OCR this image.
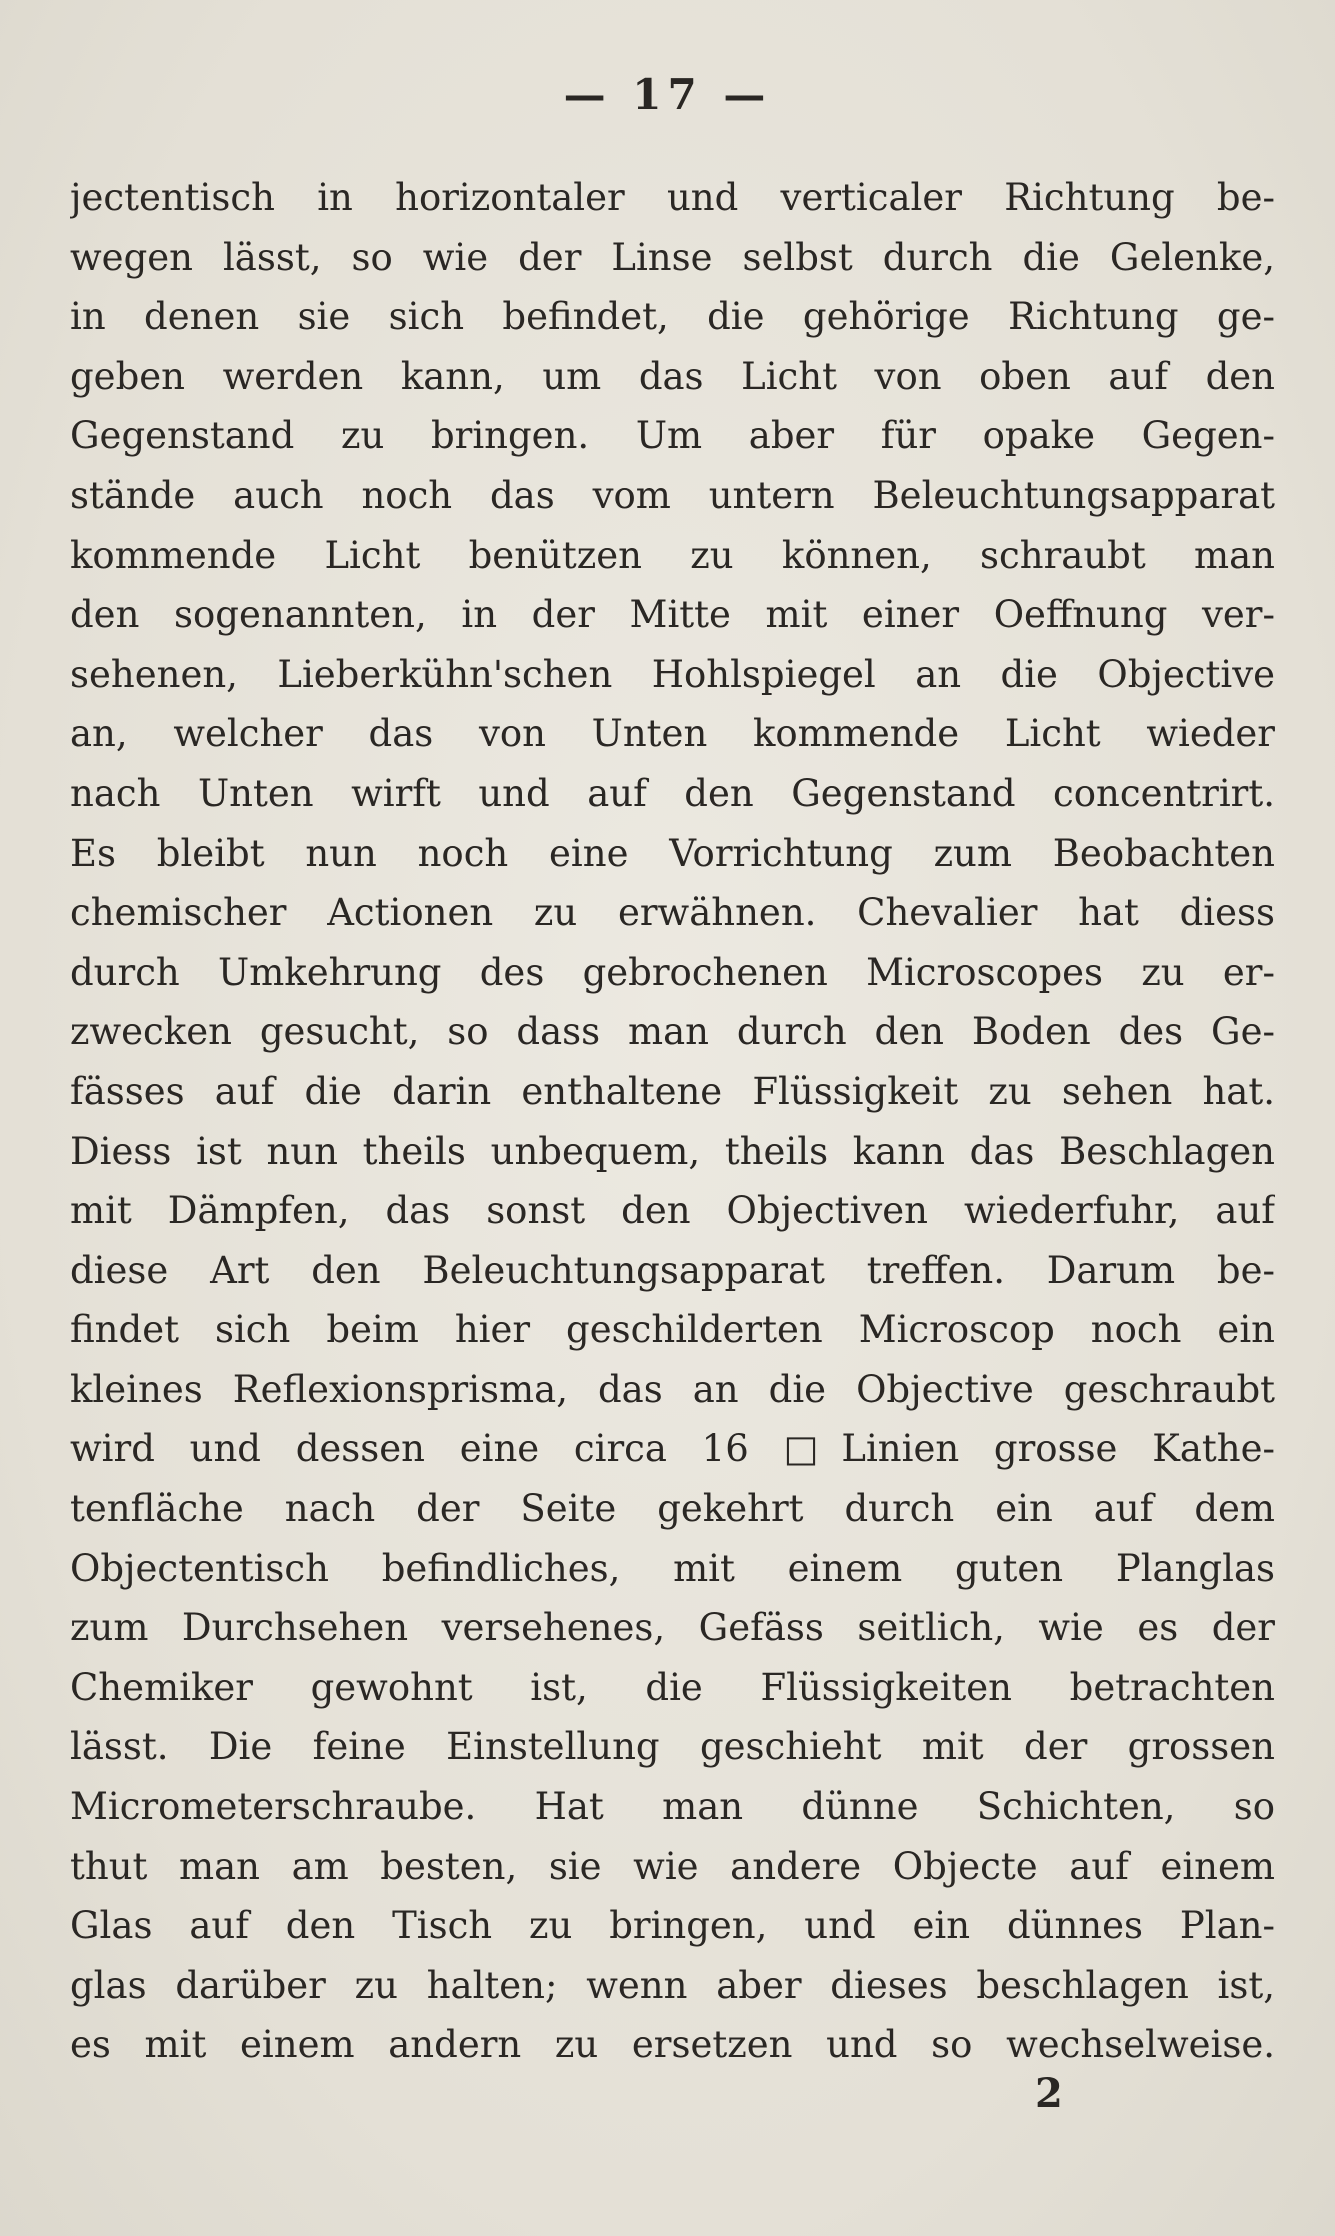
— 17 —
jectentisch in horizontaler und verticaler Richtung be-
wegen lässt, so wie der Linse selbst durch die Gelenke,
in denen sie sich befindet, die gehörige Richtung ge-
geben werden kann, um das Licht von oben auf den
Gegenstand zu bringen. Um aber für opake Gegen-
stände auch noch das vom untern Beleuchtungsapparat
kommende Licht benützen zu können, schraubt man
den sogenannten, in der Mitte mit einer Oeffnung ver-
sehenen, Lieberkühn'schen Hohlspiegel an die Objective
an, welcher das von Unten kommende Licht wieder
nach Unten wirft und auf den Gegenstand concentrirt.
Es bleibt nun noch eine Vorrichtung zum Beobachten
chemischer Actionen zu erwähnen. Chevalier hat diess
durch Umkehrung des gebrochenen Microscopes zu er-
zwecken gesucht, so dass man durch den Boden des Ge-
fässes auf die darin enthaltene Flüssigkeit zu sehen hat.
Diess ist nun theils unbequem, theils kann das Beschlagen
mit Dämpfen, das sonst den Objectiven wiederfuhr, auf
diese Art den Beleuchtungsapparat treffen. Darum be-
findet sich beim hier geschilderten Microscop noch ein
kleines Reflexionsprisma, das an die Objective geschraubt
wird und dessen eine circa 16 □Linien grosse Kathe-
tenfläche nach der Seite gekehrt durch ein auf dem
Objectentisch befindliches, mit einem guten Planglas
zum Durchsehen versehenes, Gefäss seitlich, wie es der
Chemiker gewohnt ist, die Flüssigkeiten betrachten
lässt. Die feine Einstellung geschieht mit der grossen
Micrometerschraube. Hat man dünne Schichten, so
thut man am besten, sie wie andere Objecte auf einem
Glas auf den Tisch zu bringen, und ein dünnes Plan-
glas darüber zu halten; wenn aber dieses beschlagen ist,
es mit einem andern zu ersetzen und so wechselweise.
2
